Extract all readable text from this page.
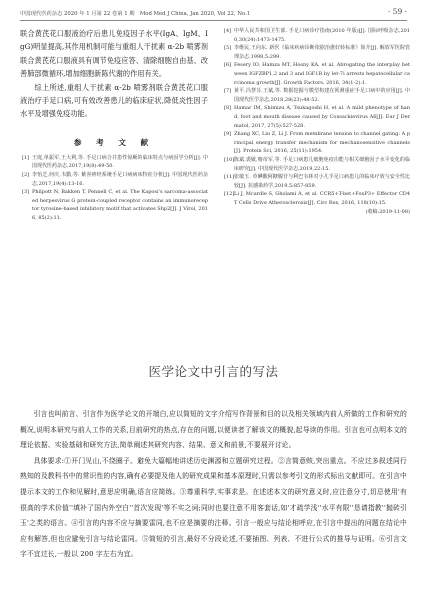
中国现代医药杂志 2020 年 1 月第 22 卷第 1 期　Mod Med J China, Jan 2020, Vol 22, No.1	· 59 ·

联合黄芪花口服液治疗后患儿免疫因子水平(IgA、IgM、IgG)明显提高,其作用机制可能与重组人干扰素 α-2b 喷雾剂联合黄芪花口服液具有调节免疫应答、清除细胞自由基、改善肺部微循环,增加细胞新陈代谢的作用有关。

综上所述,重组人干扰素 α-2b 喷雾剂联合黄芪花口服液治疗手足口病,可有效改善患儿的临床症状,降低炎性因子水平及增强免疫功能。

参 考 文 献
[1] 王庭,单振军,王大利,等. 手足口病合并患性惊厥的临床特点与病因学分析[J]. 中国现代医药杂志,2017,19(8):49-50.
[2] 李怡芝,何庆,韦勤,等. 紫喜痹经系统手足口病病床特征分析[J]. 中国现代医药杂志,2017,19(4):13-16.
[3] Philpott N, Bakken T, Pennell C, et al. The Kaposi's sarcoma-associated herpesvirus G protein-coupled receptor contains an immunoreceptor tyrosine-based inhibitory motif that activates Shp2[J]. J Virol, 2016, 85(2):11.
[4] 中华人民共和国卫生部. 手足口病诊疗指南(2010 年版)[J]. 国际呼吸杂志,2010,30(24):1473-1475.
[5] 李维民,王向东. 新医《临床疾病诊断依据治愈好转标准》简介[J]. 解放军医院管理杂志,1998,5:299.
[6] Fesery IO, Hamza MT, Hosny KA, et al. Abrogating the interplay between IGFZBP1,2 and 3 and IGF1R by let-7i arrests hepatocellular carcinoma growth[J]. Growth Factors, 2016, 34(1-2):1.
[7] 黄平,冯慧芬,王斌,等. 数据挖掘与模型构建在预测重症手足口病中的应用[J]. 中国现代医学杂志,2018,28(23):48-52.
[8] Hamar IM, Shimizu A, Tsukagoshi H, et al. A mild phenotype of hand, foot and mouth disease caused by Coxsackievirus A6[J]. Eur J Dermatol, 2017, 27(5):527-528.
[9] Zhang XC, Liu Z, Li J. From membrane tension to channel gating: A principal energy transfer mechanism for mechanosensitive channels[J]. Protein Sci, 2016, 25(11):1954.
[10] 陈斌,裘敏,喀帝军,等. 手足口病患儿细胞免疫功能与相关细胞因子水平变化的临床研究[J]. 中国现代医学杂志,2019,22:15.
[11] 张敏玉. 草碘酸阿糖腺苷与利巴韦林对小儿手足口病患儿的临床疗效与安全性比较[J]. 抗感染药学,2019,5:857-859.
[12] Li J, Mcardle S, Gholami A, et al. CCR5+T-bet+FoxP3+ Effector CD4 T Cells Drive Atherosclerosis[J]. Circ Res, 2016, 118(10):15.
(收稿:2019-11-08)
医学论文中引言的写法

引言也叫前言、引言作为医学论文的开端白,应以简短的文字介绍写作背景和目的以及相关领域内前人所做的工作和研究的概况,说明本研究与前人工作的关系,目前研究的热点,存在的问题,以便读者了解该文的概貌,起导读的作用。引言也可点明本文的理论依据、实验基础和研究方法,简单阐述其研究内容、结果、意义和前景,不要展开讨论。

具体要求:①开门见山,不绕圈子。避免大篇幅地讲述历史渊源和立题研究过程。②言简意赅,突出重点。不应过多叙述同行熟知的及教科书中的常识性的内容,确有必要提及他人的研究成果和基本原理时,只需以参考引文的形式标出文献即可。在引言中提示本文的工作和见解时,意思应明确,语言应简练。③尊重科学,实事求是。在述述本文的研究意义时,应注意分寸,切忌使用'有很高的学术价值''填补了国内外空白''首次发现'等不实之词;同时也要注意不用客套话,如'才疏学浅''水平有限''恳请指教''抛砖引玉'之类的语言。④引言的内容不应与摘要雷同,也不应是摘要的注释。引言一般应与结论相呼应,在引言中提出的问题在结论中应有解答,但也应避免引言与结论雷同。⑤简短的引言,最好不分段论述,不要插图、列表、不进行公式的推导与证明。⑥引言文字不宜过长,一般以 200 字左右为宜。
